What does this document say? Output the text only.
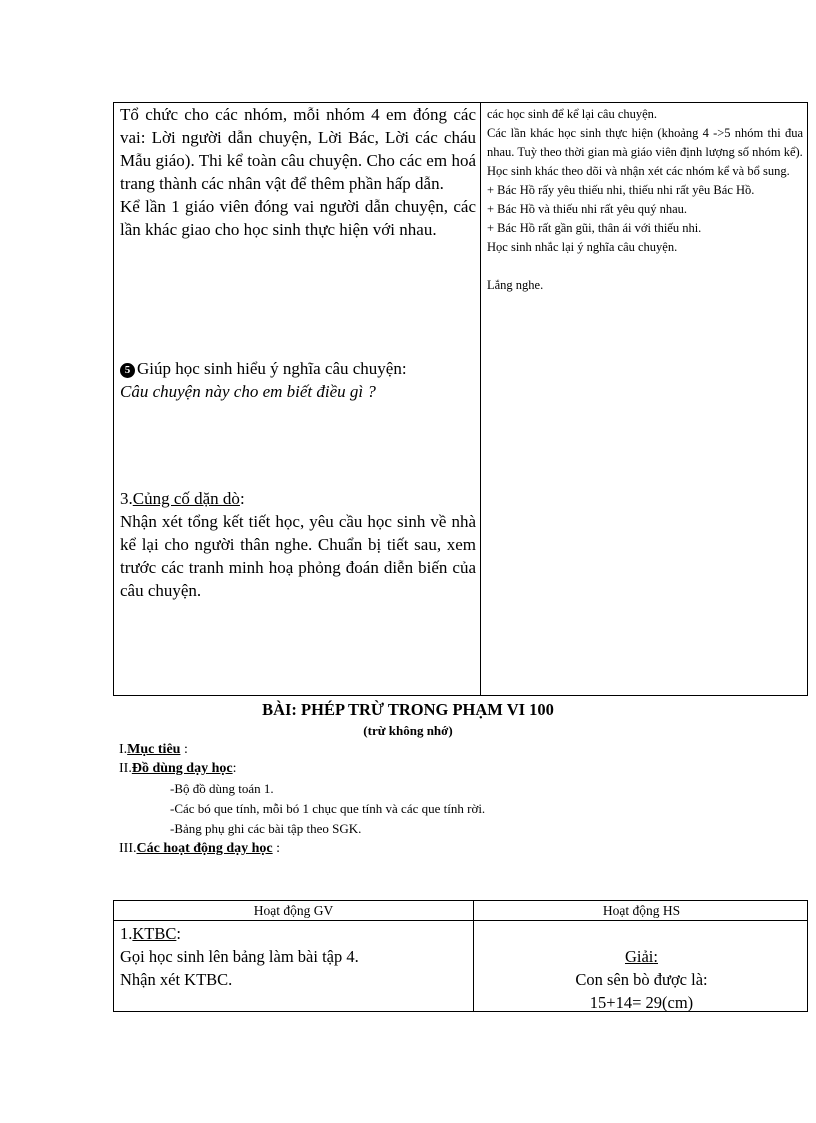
Tổ chức cho các nhóm, mỗi nhóm 4 em đóng các vai: Lời người dẫn chuyện, Lời Bác, Lời các cháu Mẫu giáo). Thi kể toàn câu chuyện. Cho các em hoá trang thành các nhân vật để thêm phần hấp dẫn.

Kể lần 1 giáo viên đóng vai người dẫn chuyện, các lần khác giao cho học sinh thực hiện với nhau.

5 Giúp học sinh hiểu ý nghĩa câu chuyện:

Câu chuyện này cho em biết điều gì ?

3.Củng cố dặn dò:

Nhận xét tổng kết tiết học, yêu cầu học sinh về nhà kể lại cho người thân nghe. Chuẩn bị tiết sau, xem trước các tranh minh hoạ phỏng đoán diễn biến của câu chuyện.

các học sinh để kể lại câu chuyện.

Các lần khác học sinh thực hiện (khoảng 4 ->5 nhóm thi đua nhau. Tuỳ theo thời gian mà giáo viên định lượng số nhóm kể).

Học sinh khác theo dõi và nhận xét các nhóm kể và bổ sung.

+ Bác Hồ rấy yêu thiếu nhi, thiếu nhi rất yêu Bác Hồ.

+ Bác Hồ và thiếu nhi rất yêu quý nhau.

+ Bác Hồ rất gần gũi, thân ái với thiếu nhi.

Học sinh nhắc lại ý nghĩa câu chuyện.

Lắng nghe.

BÀI: PHÉP TRỪ TRONG PHẠM VI 100
(trừ không nhớ)
I.Mục tiêu :
II.Đồ dùng dạy học:
-Bộ đồ dùng toán 1.
-Các bó que tính, mỗi bó 1 chục que tính và các que tính rời.
-Bảng phụ ghi các bài tập theo SGK.
III.Các hoạt động dạy học :
Hoạt động GV	Hoạt động HS
1.KTBC:
Gọi học sinh lên bảng làm bài tập 4.
Nhận xét KTBC.
Giải:
Con sên bò được là:
15+14= 29(cm)
